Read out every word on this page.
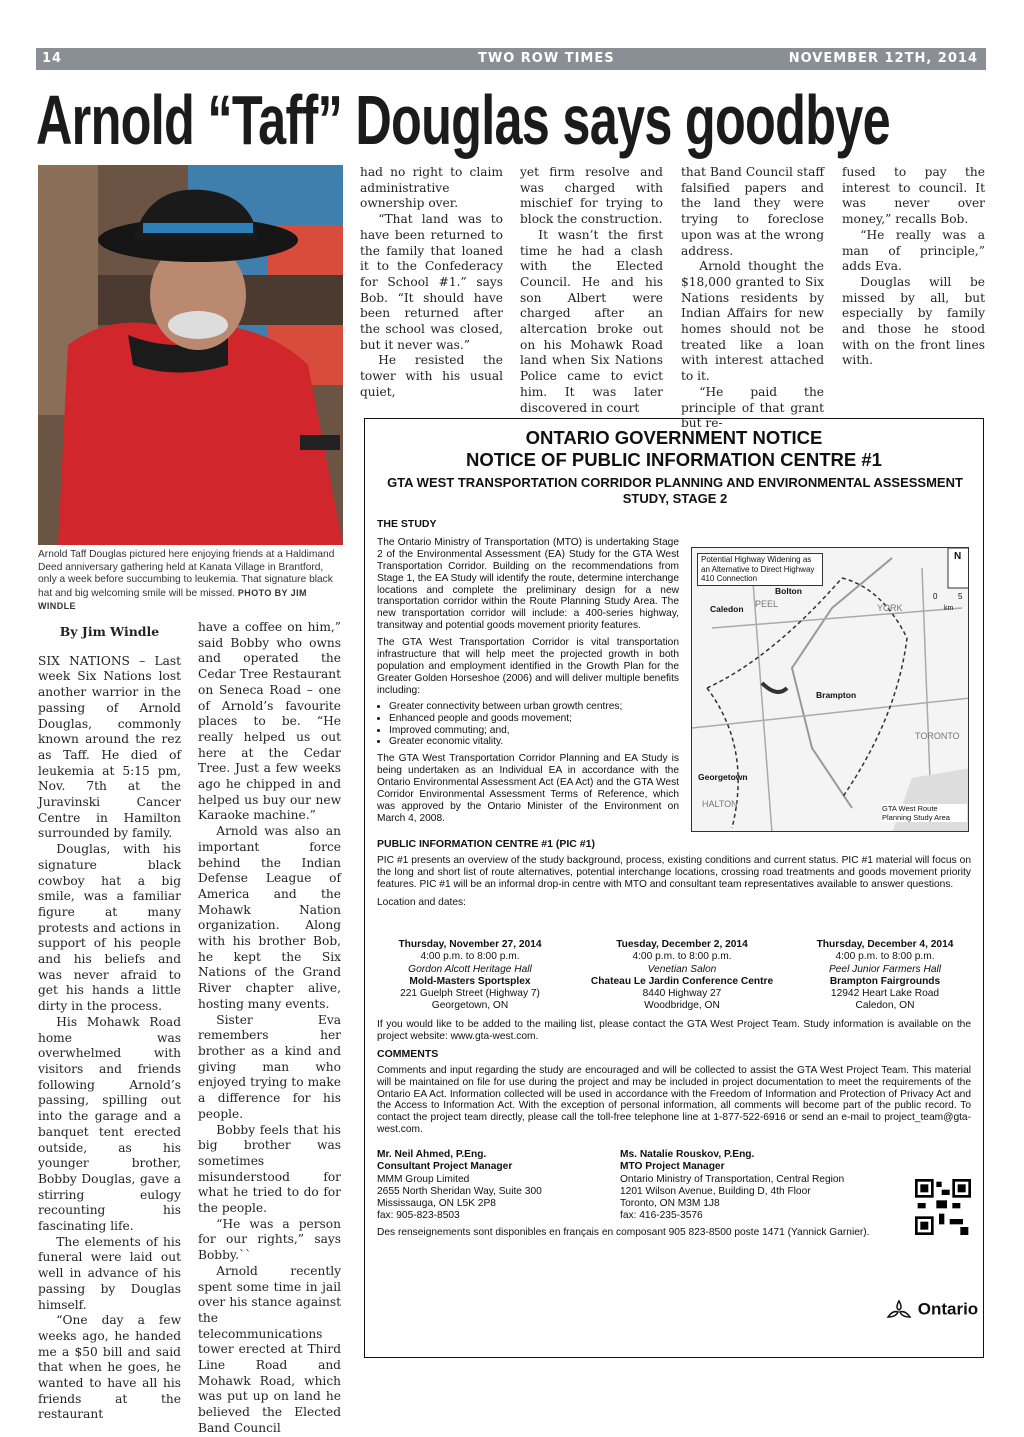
14	TWO ROW TIMES	NOVEMBER 12TH, 2014
Arnold “Taff” Douglas says goodbye
Arnold Taff Douglas pictured here enjoying friends at a Haldimand Deed anniversary gathering held at Kanata Village in Brantford, only a week before succumbing to leukemia. That signature black hat and big welcoming smile will be missed. PHOTO BY JIM WINDLE

By Jim Windle

SIX NATIONS – Last week Six Nations lost another warrior in the passing of Arnold Douglas, commonly known around the rez as Taff. He died of leukemia at 5:15 pm, Nov. 7th at the Juravinski Cancer Centre in Hamilton surrounded by family.

Douglas, with his signature black cowboy hat a big smile, was a familiar figure at many protests and actions in support of his people and his beliefs and was never afraid to get his hands a little dirty in the process.

His Mohawk Road home was overwhelmed with visitors and friends following Arnold’s passing, spilling out into the garage and a banquet tent erected outside, as his younger brother, Bobby Douglas, gave a stirring eulogy recounting his fascinating life.

The elements of his funeral were laid out well in advance of his passing by Douglas himself.

“One day a few weeks ago, he handed me a $50 bill and said that when he goes, he wanted to have all his friends at the restaurant

have a coffee on him,” said Bobby who owns and operated the Cedar Tree Restaurant on Seneca Road – one of Arnold’s favourite places to be. “He really helped us out here at the Cedar Tree. Just a few weeks ago he chipped in and helped us buy our new Karaoke machine.”

Arnold was also an important force behind the Indian Defense League of America and the Mohawk Nation organization. Along with his brother Bob, he kept the Six Nations of the Grand River chapter alive, hosting many events.

Sister Eva remembers her brother as a kind and giving man who enjoyed trying to make a difference for his people.

Bobby feels that his big brother was sometimes misunderstood for what he tried to do for the people.

“He was a person for our rights,” says Bobby.``

Arnold recently spent some time in jail over his stance against the telecommunications tower erected at Third Line Road and Mohawk Road, which was put up on land he believed the Elected Band Council

had no right to claim administrative ownership over.

“That land was to have been returned to the family that loaned it to the Confederacy for School #1.” says Bob. “It should have been returned after the school was closed, but it never was.”

He resisted the tower with his usual quiet,

yet firm resolve and was charged with mischief for trying to block the construction.

It wasn’t the first time he had a clash with the Elected Council. He and his son Albert were charged after an altercation broke out on his Mohawk Road land when Six Nations Police came to evict him. It was later discovered in court

that Band Council staff falsified papers and the land they were trying to foreclose upon was at the wrong address.

Arnold thought the $18,000 granted to Six Nations residents by Indian Affairs for new homes should not be treated like a loan with interest attached to it.

“He paid the principle of that grant but re-

fused to pay the interest to council. It was never over money,” recalls Bob.

“He really was a man of principle,” adds Eva.

Douglas will be missed by all, but especially by family and those he stood with on the front lines with.

ONTARIO GOVERNMENT NOTICE
NOTICE OF PUBLIC INFORMATION CENTRE #1
GTA WEST TRANSPORTATION CORRIDOR PLANNING AND ENVIRONMENTAL ASSESSMENT STUDY, STAGE 2
THE STUDY
The Ontario Ministry of Transportation (MTO) is undertaking Stage 2 of the Environmental Assessment (EA) Study for the GTA West Transportation Corridor. Building on the recommendations from Stage 1, the EA Study will identify the route, determine interchange locations and complete the preliminary design for a new transportation corridor within the Route Planning Study Area. The new transportation corridor will include: a 400-series highway, transitway and potential goods movement priority features.
The GTA West Transportation Corridor is vital transportation infrastructure that will help meet the projected growth in both population and employment identified in the Growth Plan for the Greater Golden Horseshoe (2006) and will deliver multiple benefits including:
• Greater connectivity between urban growth centres;
• Enhanced people and goods movement;
• Improved commuting; and,
• Greater economic vitality.
The GTA West Transportation Corridor Planning and EA Study is being undertaken as an Individual EA in accordance with the Ontario Environmental Assessment Act (EA Act) and the GTA West Corridor Environmental Assessment Terms of Reference, which was approved by the Ontario Minister of the Environment on March 4, 2008.
Potential Highway Widening as an Alternative to Direct Highway 410 Connection
Caledon PEEL
Bolton
YORK
Brampton
Georgetown
TORONTO
HALTON	GTA West Route Planning Study Area
N
0	5
km
PUBLIC INFORMATION CENTRE #1 (PIC #1)
PIC #1 presents an overview of the study background, process, existing conditions and current status. PIC #1 material will focus on the long and short list of route alternatives, potential interchange locations, crossing road treatments and goods movement priority features. PIC #1 will be an informal drop-in centre with MTO and consultant team representatives available to answer questions.
Location and dates:
Thursday, November 27, 2014
4:00 p.m. to 8:00 p.m.
Gordon Alcott Heritage Hall
Mold-Masters Sportsplex
221 Guelph Street (Highway 7)
Georgetown, ON
Tuesday, December 2, 2014
4:00 p.m. to 8:00 p.m.
Venetian Salon
Chateau Le Jardin Conference Centre
8440 Highway 27
Woodbridge, ON
Thursday, December 4, 2014
4:00 p.m. to 8:00 p.m.
Peel Junior Farmers Hall
Brampton Fairgrounds
12942 Heart Lake Road
Caledon, ON
If you would like to be added to the mailing list, please contact the GTA West Project Team. Study information is available on the project website: www.gta-west.com.
COMMENTS
Comments and input regarding the study are encouraged and will be collected to assist the GTA West Project Team. This material will be maintained on file for use during the project and may be included in project documentation to meet the requirements of the Ontario EA Act. Information collected will be used in accordance with the Freedom of Information and Protection of Privacy Act and the Access to Information Act. With the exception of personal information, all comments will become part of the public record. To contact the project team directly, please call the toll-free telephone line at 1-877-522-6916 or send an e-mail to project_team@gta-west.com.
Mr. Neil Ahmed, P.Eng.
Consultant Project Manager
MMM Group Limited
2655 North Sheridan Way, Suite 300
Mississauga, ON L5K 2P8
fax: 905-823-8503
Ms. Natalie Rouskov, P.Eng.
MTO Project Manager
Ontario Ministry of Transportation, Central Region
1201 Wilson Avenue, Building D, 4th Floor
Toronto, ON M3M 1J8
fax: 416-235-3576
Des renseignements sont disponibles en français en composant 905 823-8500 poste 1471 (Yannick Garnier).
Ontario
